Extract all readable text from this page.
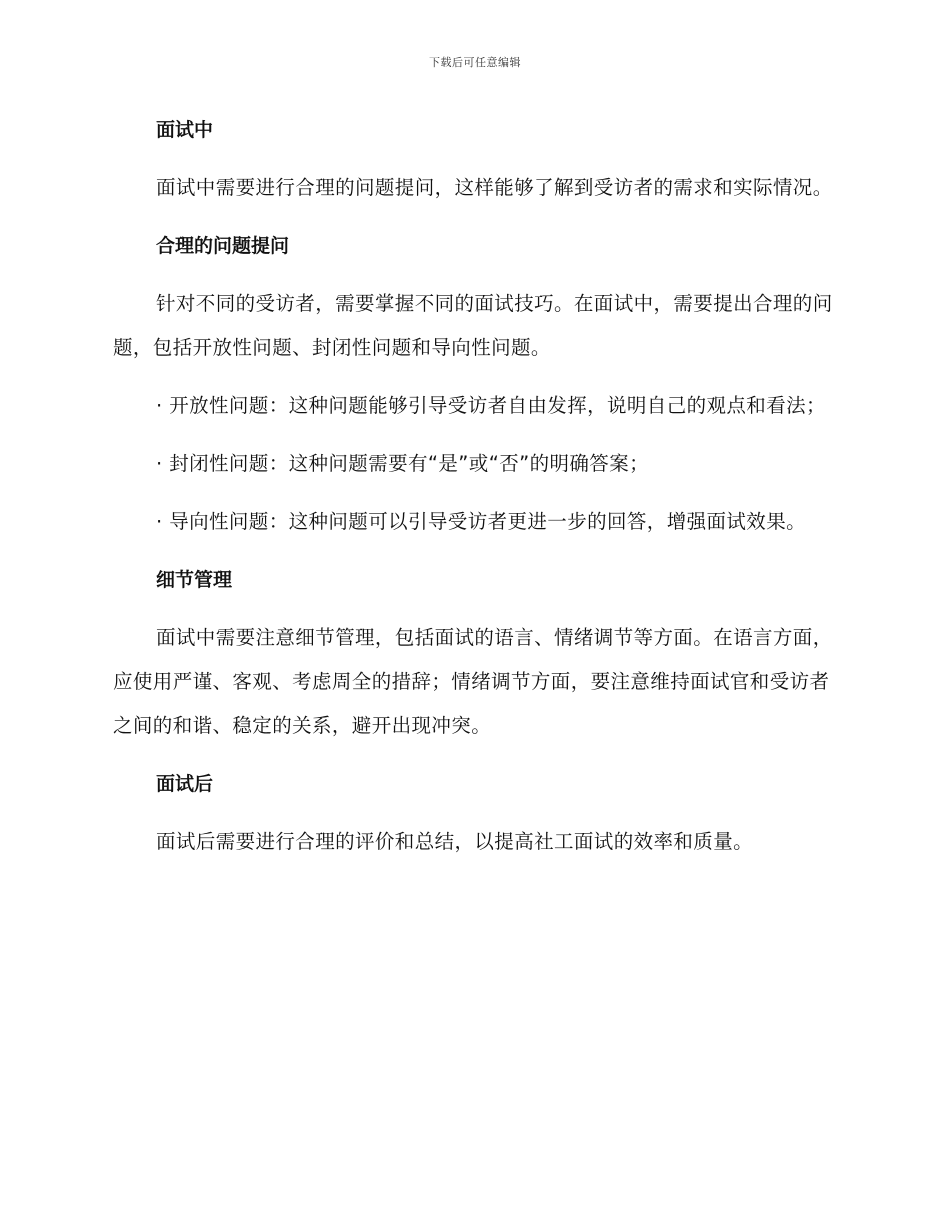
下载后可任意编辑
面试中

面试中需要进行合理的问题提问，这样能够了解到受访者的需求和实际情况。

合理的问题提问

针对不同的受访者，需要掌握不同的面试技巧。在面试中，需要提出合理的问题，包括开放性问题、封闭性问题和导向性问题。

· 开放性问题：这种问题能够引导受访者自由发挥，说明自己的观点和看法；

· 封闭性问题：这种问题需要有“是”或“否”的明确答案；

· 导向性问题：这种问题可以引导受访者更进一步的回答，增强面试效果。

细节管理

面试中需要注意细节管理，包括面试的语言、情绪调节等方面。在语言方面，应使用严谨、客观、考虑周全的措辞；情绪调节方面，要注意维持面试官和受访者之间的和谐、稳定的关系，避开出现冲突。

面试后

面试后需要进行合理的评价和总结，以提高社工面试的效率和质量。
